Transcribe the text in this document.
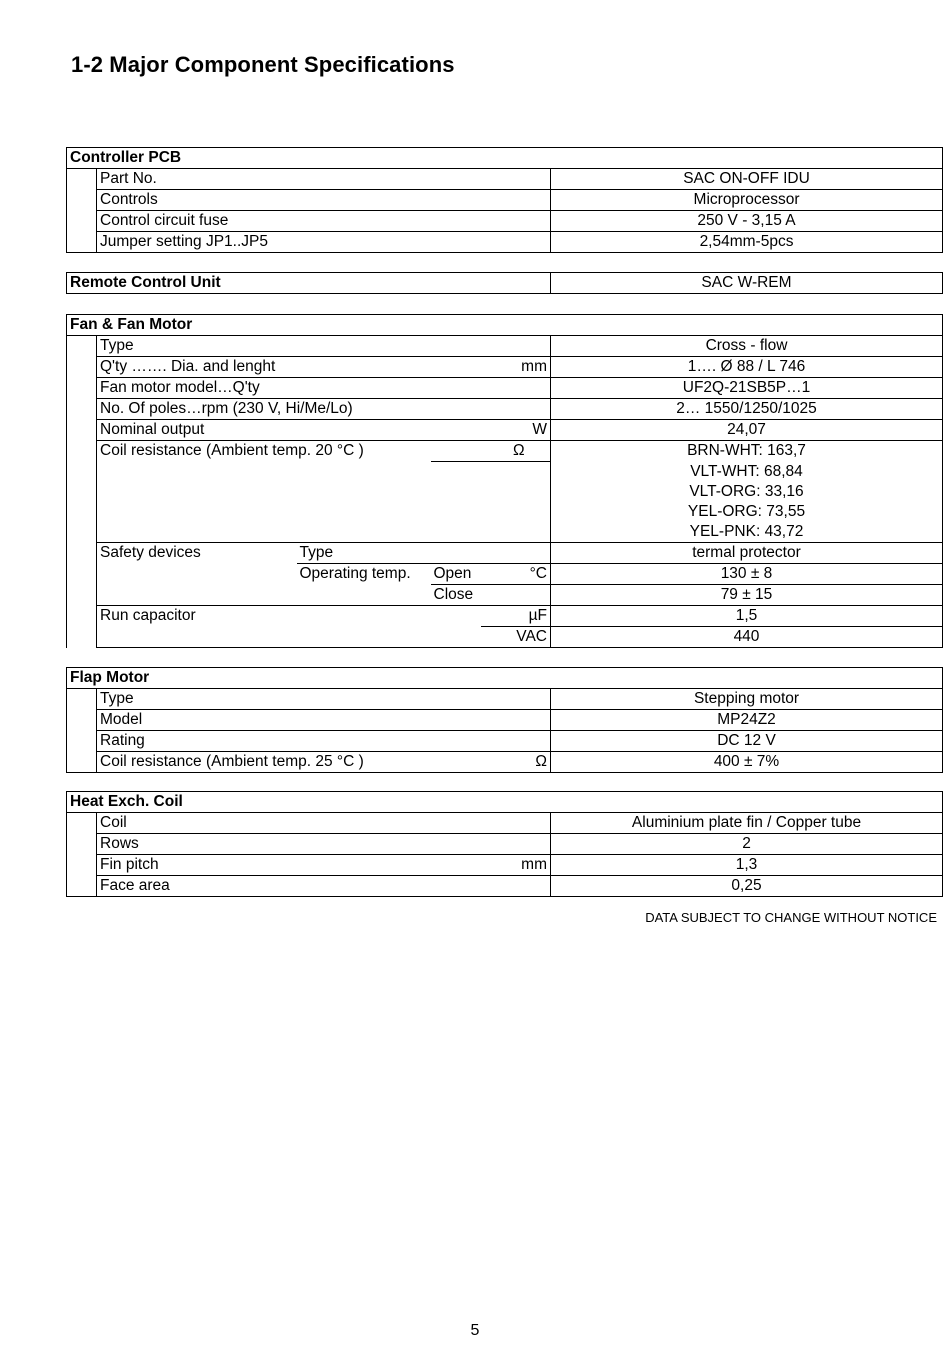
1-2 Major Component Specifications
Controller PCB		
	Part No.	SAC ON-OFF IDU
	Controls	Microprocessor
	Control circuit fuse	250 V - 3,15 A
	Jumper setting JP1..JP5	2,54mm-5pcs

Remote Control Unit	SAC W-REM
Fan & Fan Motor					
	Type				Cross - flow
	Q'ty ……. Dia. and lenght			mm	1…. Ø 88 / L 746
	Fan motor model…Q'ty				UF2Q-21SB5P…1
	No. Of poles…rpm (230 V, Hi/Me/Lo)				2… 1550/1250/1025
	Nominal output			W	24,07
	Coil resistance (Ambient temp. 20 °C )		Ω		BRN-WHT: 163,7
					VLT-WHT: 68,84
					VLT-ORG: 33,16
					YEL-ORG: 73,55
					YEL-PNK: 43,72
	Safety devices	Type			termal protector
		Operating temp.	Open	°C	130 ± 8
			Close		79 ± 15
	Run capacitor			µF	1,5
				VAC	440
Flap Motor			
	Type		Stepping motor
	Model		MP24Z2
	Rating		DC 12 V
	Coil resistance (Ambient temp. 25 °C )	Ω	400 ± 7%
Heat Exch. Coil			
	Coil		Aluminium plate fin / Copper tube
	Rows		2
	Fin pitch	mm	1,3
	Face area		0,25
DATA SUBJECT TO CHANGE WITHOUT NOTICE
5
